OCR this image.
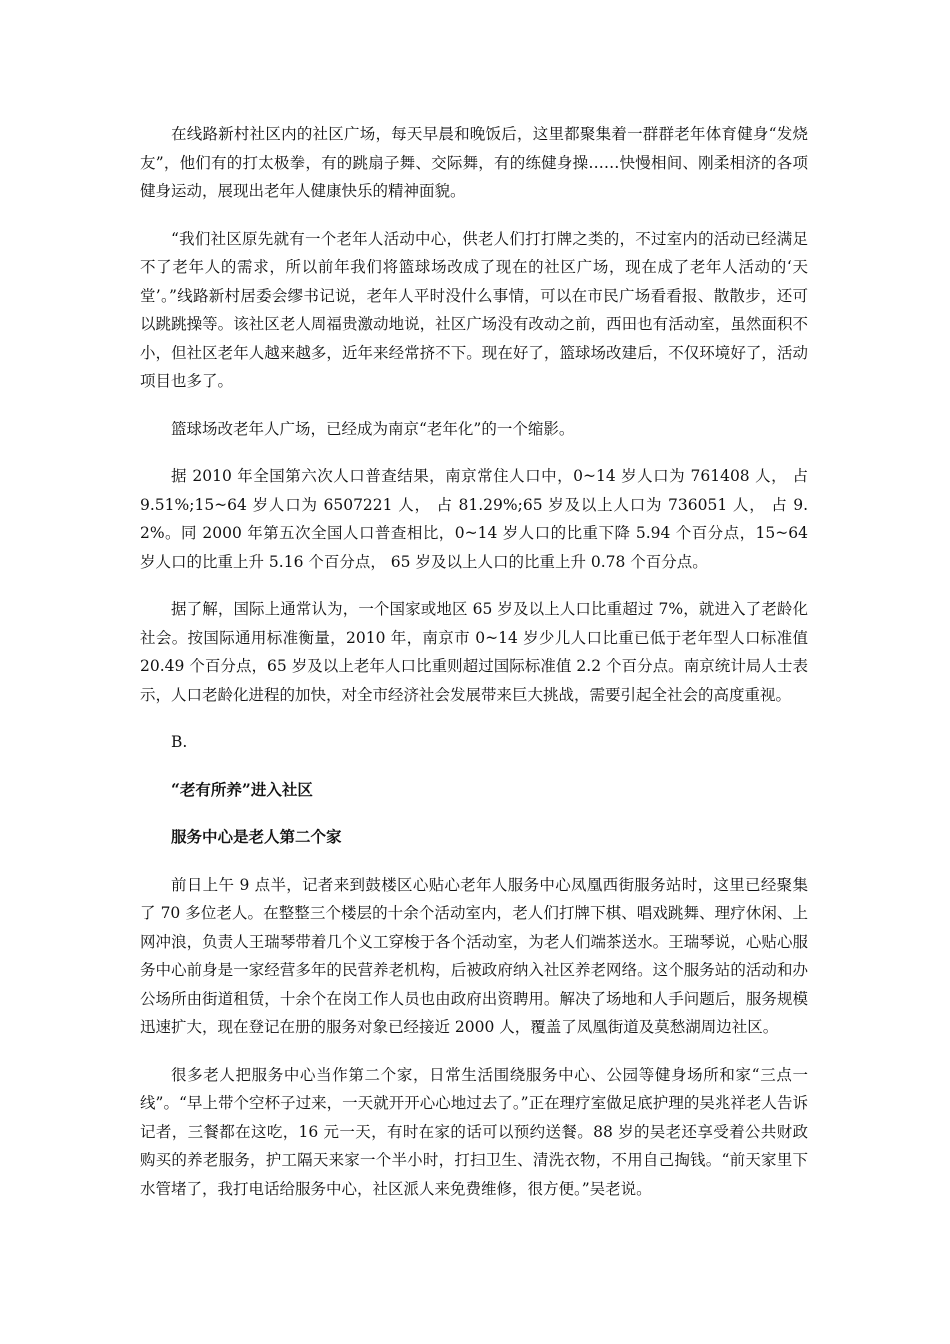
在线路新村社区内的社区广场，每天早晨和晚饭后，这里都聚集着一群群老年体育健身“发烧友”，他们有的打太极拳，有的跳扇子舞、交际舞，有的练健身操……快慢相间、刚柔相济的各项健身运动，展现出老年人健康快乐的精神面貌。

“我们社区原先就有一个老年人活动中心，供老人们打打牌之类的，不过室内的活动已经满足不了老年人的需求，所以前年我们将篮球场改成了现在的社区广场，现在成了老年人活动的‘天堂’。”线路新村居委会缪书记说，老年人平时没什么事情，可以在市民广场看看报、散散步，还可以跳跳操等。该社区老人周福贵激动地说，社区广场没有改动之前，西田也有活动室，虽然面积不小，但社区老年人越来越多，近年来经常挤不下。现在好了，篮球场改建后，不仅环境好了，活动项目也多了。

篮球场改老年人广场，已经成为南京“老年化”的一个缩影。

据 2010 年全国第六次人口普查结果，南京常住人口中，0~14 岁人口为 761408 人， 占 9.51%;15~64 岁人口为 6507221 人， 占 81.29%;65 岁及以上人口为 736051 人， 占 9.2%。同 2000 年第五次全国人口普查相比，0~14 岁人口的比重下降 5.94 个百分点，15~64 岁人口的比重上升 5.16 个百分点， 65 岁及以上人口的比重上升 0.78 个百分点。

据了解，国际上通常认为，一个国家或地区 65 岁及以上人口比重超过 7%，就进入了老龄化社会。按国际通用标准衡量，2010 年，南京市 0~14 岁少儿人口比重已低于老年型人口标准值 20.49 个百分点，65 岁及以上老年人口比重则超过国际标准值 2.2 个百分点。南京统计局人士表示，人口老龄化进程的加快，对全市经济社会发展带来巨大挑战，需要引起全社会的高度重视。

B.

“老有所养”进入社区

服务中心是老人第二个家

前日上午 9 点半，记者来到鼓楼区心贴心老年人服务中心凤凰西街服务站时，这里已经聚集了 70 多位老人。在整整三个楼层的十余个活动室内，老人们打牌下棋、唱戏跳舞、理疗休闲、上网冲浪，负责人王瑞琴带着几个义工穿梭于各个活动室，为老人们端茶送水。王瑞琴说，心贴心服务中心前身是一家经营多年的民营养老机构，后被政府纳入社区养老网络。这个服务站的活动和办公场所由街道租赁，十余个在岗工作人员也由政府出资聘用。解决了场地和人手问题后，服务规模迅速扩大，现在登记在册的服务对象已经接近 2000 人，覆盖了凤凰街道及莫愁湖周边社区。

很多老人把服务中心当作第二个家，日常生活围绕服务中心、公园等健身场所和家“三点一线”。“早上带个空杯子过来，一天就开开心心地过去了。”正在理疗室做足底护理的吴兆祥老人告诉记者，三餐都在这吃，16 元一天，有时在家的话可以预约送餐。88 岁的吴老还享受着公共财政购买的养老服务，护工隔天来家一个半小时，打扫卫生、清洗衣物，不用自己掏钱。“前天家里下水管堵了，我打电话给服务中心，社区派人来免费维修，很方便。”吴老说。
